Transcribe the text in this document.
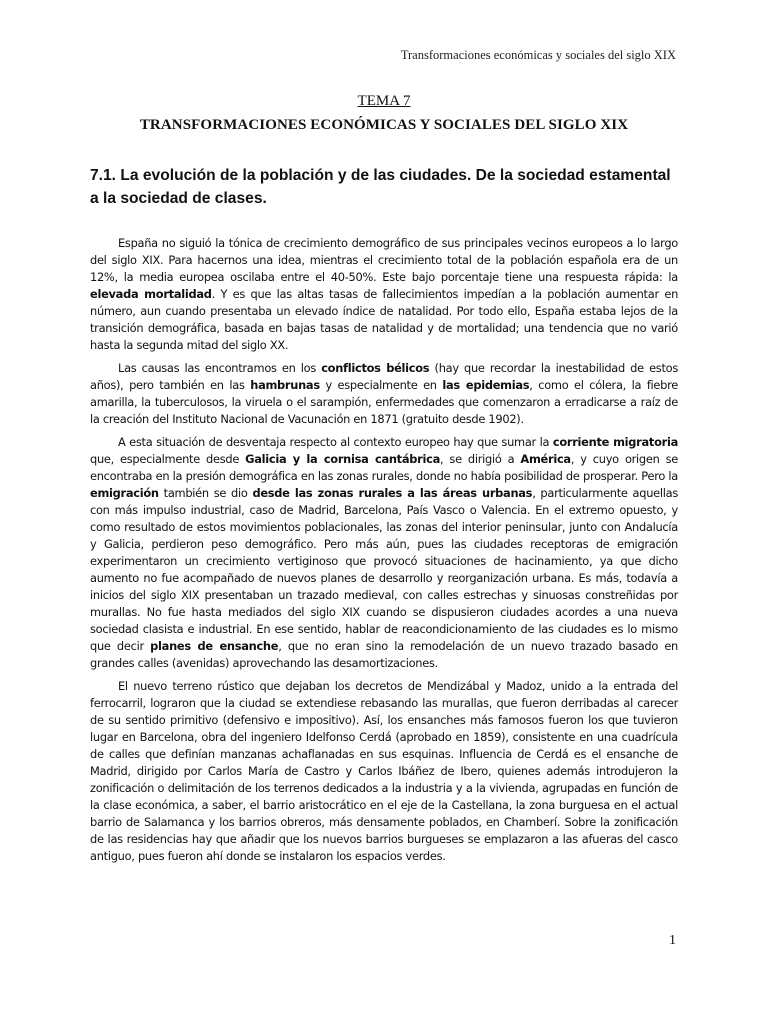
Transformaciones económicas y sociales del siglo XIX
TEMA 7
TRANSFORMACIONES ECONÓMICAS Y SOCIALES DEL SIGLO XIX
7.1. La evolución de la población y de las ciudades. De la sociedad estamental a la sociedad de clases.

España no siguió la tónica de crecimiento demográfico de sus principales vecinos europeos a lo largo del siglo XIX. Para hacernos una idea, mientras el crecimiento total de la población española era de un 12%, la media europea oscilaba entre el 40-50%. Este bajo porcentaje tiene una respuesta rápida: la elevada mortalidad. Y es que las altas tasas de fallecimientos impedían a la población aumentar en número, aun cuando presentaba un elevado índice de natalidad. Por todo ello, España estaba lejos de la transición demográfica, basada en bajas tasas de natalidad y de mortalidad; una tendencia que no varió hasta la segunda mitad del siglo XX.

Las causas las encontramos en los conflictos bélicos (hay que recordar la inestabilidad de estos años), pero también en las hambrunas y especialmente en las epidemias, como el cólera, la fiebre amarilla, la tuberculosos, la viruela o el sarampión, enfermedades que comenzaron a erradicarse a raíz de la creación del Instituto Nacional de Vacunación en 1871 (gratuito desde 1902).

A esta situación de desventaja respecto al contexto europeo hay que sumar la corriente migratoria que, especialmente desde Galicia y la cornisa cantábrica, se dirigió a América, y cuyo origen se encontraba en la presión demográfica en las zonas rurales, donde no había posibilidad de prosperar. Pero la emigración también se dio desde las zonas rurales a las áreas urbanas, particularmente aquellas con más impulso industrial, caso de Madrid, Barcelona, País Vasco o Valencia. En el extremo opuesto, y como resultado de estos movimientos poblacionales, las zonas del interior peninsular, junto con Andalucía y Galicia, perdieron peso demográfico. Pero más aún, pues las ciudades receptoras de emigración experimentaron un crecimiento vertiginoso que provocó situaciones de hacinamiento, ya que dicho aumento no fue acompañado de nuevos planes de desarrollo y reorganización urbana. Es más, todavía a inicios del siglo XIX presentaban un trazado medieval, con calles estrechas y sinuosas constreñidas por murallas. No fue hasta mediados del siglo XIX cuando se dispusieron ciudades acordes a una nueva sociedad clasista e industrial. En ese sentido, hablar de reacondicionamiento de las ciudades es lo mismo que decir planes de ensanche, que no eran sino la remodelación de un nuevo trazado basado en grandes calles (avenidas) aprovechando las desamortizaciones.

El nuevo terreno rústico que dejaban los decretos de Mendizábal y Madoz, unido a la entrada del ferrocarril, lograron que la ciudad se extendiese rebasando las murallas, que fueron derribadas al carecer de su sentido primitivo (defensivo e impositivo). Así, los ensanches más famosos fueron los que tuvieron lugar en Barcelona, obra del ingeniero Idelfonso Cerdá (aprobado en 1859), consistente en una cuadrícula de calles que definían manzanas achaflanadas en sus esquinas. Influencia de Cerdá es el ensanche de Madrid, dirigido por Carlos María de Castro y Carlos Ibáñez de Ibero, quienes además introdujeron la zonificación o delimitación de los terrenos dedicados a la industria y a la vivienda, agrupadas en función de la clase económica, a saber, el barrio aristocrático en el eje de la Castellana, la zona burguesa en el actual barrio de Salamanca y los barrios obreros, más densamente poblados, en Chamberí. Sobre la zonificación de las residencias hay que añadir que los nuevos barrios burgueses se emplazaron a las afueras del casco antiguo, pues fueron ahí donde se instalaron los espacios verdes.

1
